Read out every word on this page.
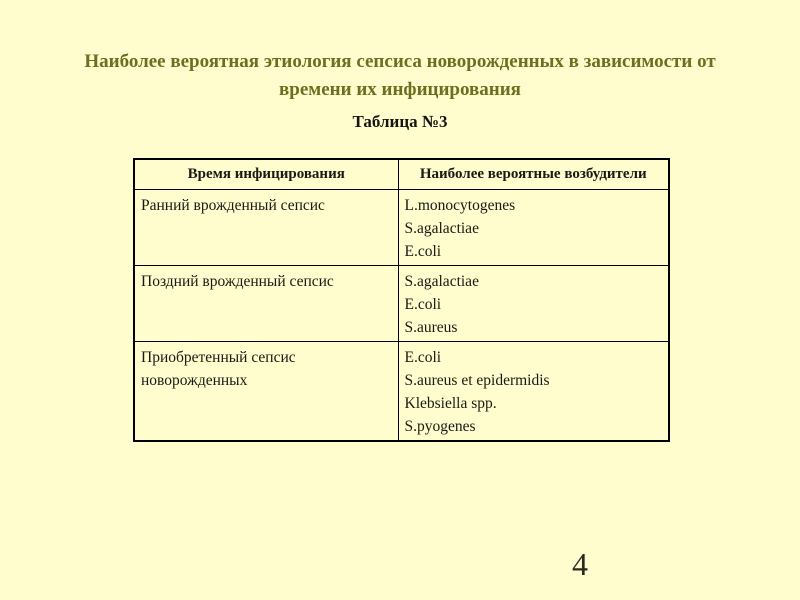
Наиболее вероятная этиология сепсиса новорожденных в зависимости от времени их инфицирования
Таблица №3
Время инфицирования	Наиболее вероятные возбудители
Ранний врожденный сепсис	L.monocytogenes
S.agalactiae
E.coli

Поздний врожденный сепсис	S.agalactiae
E.coli
S.aureus

Приобретенный сепсис новорожденных	E.coli
S.aureus et epidermidis
Klebsiella spp.
S.pyogenes
4
